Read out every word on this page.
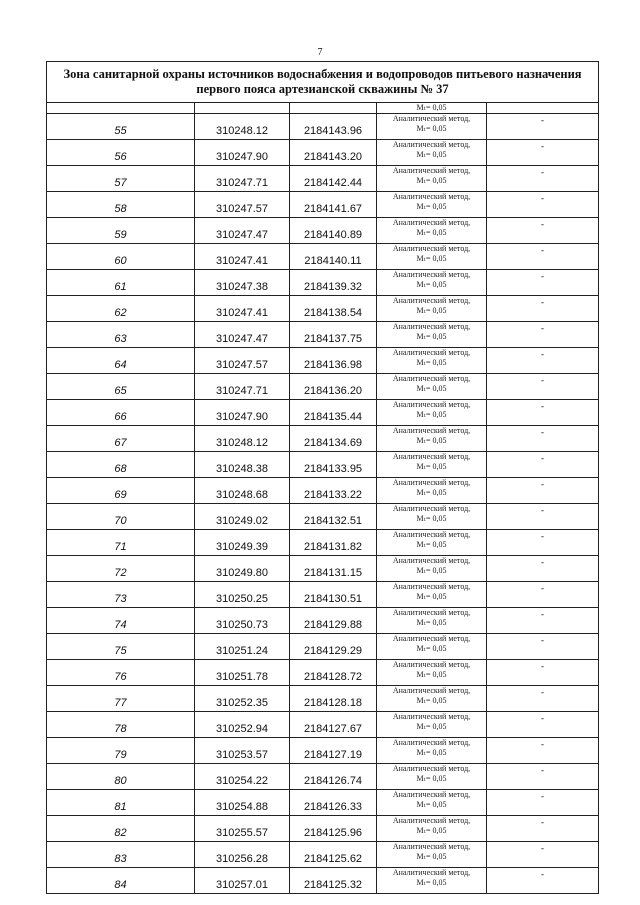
7
Зона санитарной охраны источников водоснабжения и водопроводов питьевого назначения
первого пояса артезианской скважины № 37				

			Mₜ= 0,05	

55	310248.12	2184143.96	Аналитический метод,
Mₜ= 0,05	-
56	310247.90	2184143.20	Аналитический метод,
Mₜ= 0,05	-
57	310247.71	2184142.44	Аналитический метод,
Mₜ= 0,05	-
58	310247.57	2184141.67	Аналитический метод,
Mₜ= 0,05	-
59	310247.47	2184140.89	Аналитический метод,
Mₜ= 0,05	-
60	310247.41	2184140.11	Аналитический метод,
Mₜ= 0,05	-
61	310247.38	2184139.32	Аналитический метод,
Mₜ= 0,05	-
62	310247.41	2184138.54	Аналитический метод,
Mₜ= 0,05	-
63	310247.47	2184137.75	Аналитический метод,
Mₜ= 0,05	-
64	310247.57	2184136.98	Аналитический метод,
Mₜ= 0,05	-
65	310247.71	2184136.20	Аналитический метод,
Mₜ= 0,05	-
66	310247.90	2184135.44	Аналитический метод,
Mₜ= 0,05	-
67	310248.12	2184134.69	Аналитический метод,
Mₜ= 0,05	-
68	310248.38	2184133.95	Аналитический метод,
Mₜ= 0,05	-
69	310248.68	2184133.22	Аналитический метод,
Mₜ= 0,05	-
70	310249.02	2184132.51	Аналитический метод,
Mₜ= 0,05	-
71	310249.39	2184131.82	Аналитический метод,
Mₜ= 0,05	-
72	310249.80	2184131.15	Аналитический метод,
Mₜ= 0,05	-
73	310250.25	2184130.51	Аналитический метод,
Mₜ= 0,05	-
74	310250.73	2184129.88	Аналитический метод,
Mₜ= 0,05	-
75	310251.24	2184129.29	Аналитический метод,
Mₜ= 0,05	-
76	310251.78	2184128.72	Аналитический метод,
Mₜ= 0,05	-
77	310252.35	2184128.18	Аналитический метод,
Mₜ= 0,05	-
78	310252.94	2184127.67	Аналитический метод,
Mₜ= 0,05	-
79	310253.57	2184127.19	Аналитический метод,
Mₜ= 0,05	-
80	310254.22	2184126.74	Аналитический метод,
Mₜ= 0,05	-
81	310254.88	2184126.33	Аналитический метод,
Mₜ= 0,05	-
82	310255.57	2184125.96	Аналитический метод,
Mₜ= 0,05	-
83	310256.28	2184125.62	Аналитический метод,
Mₜ= 0,05	-
84	310257.01	2184125.32	Аналитический метод,
Mₜ= 0,05	-
